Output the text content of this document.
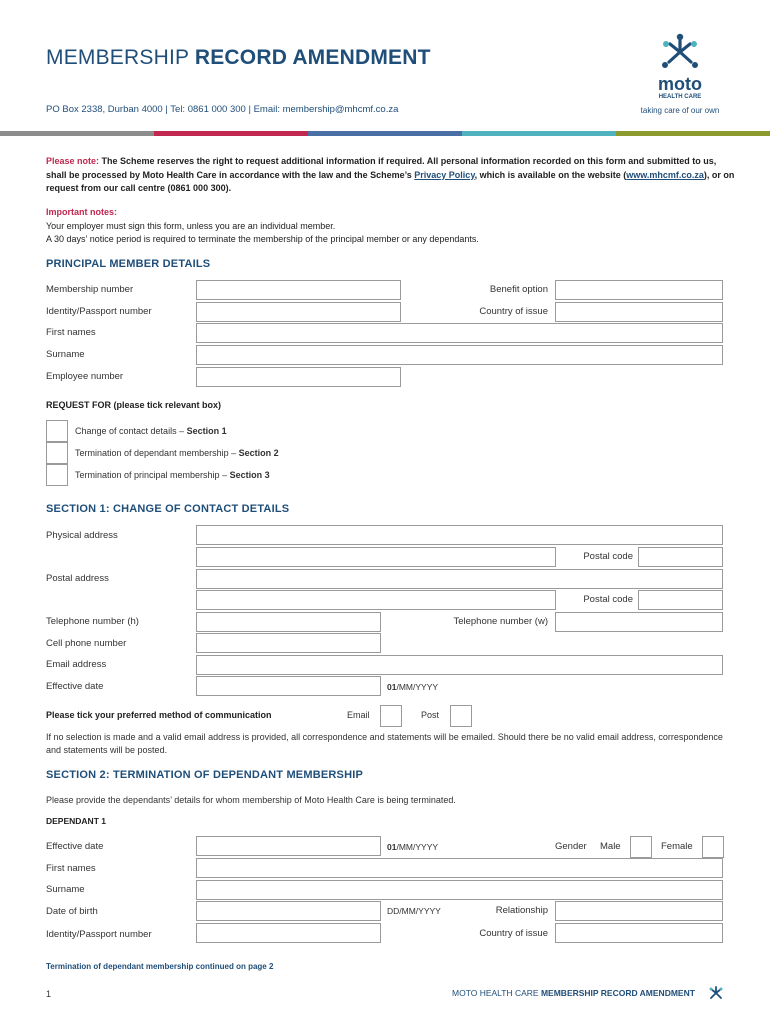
MEMBERSHIP RECORD AMENDMENT
PO Box 2338, Durban 4000 | Tel: 0861 000 300 | Email: membership@mhcmf.co.za
moto
HEALTH CARE
taking care of our own
Please note: The Scheme reserves the right to request additional information if required. All personal information recorded on this form and submitted to us, shall be processed by Moto Health Care in accordance with the law and the Scheme’s Privacy Policy, which is available on the website (www.mhcmf.co.za), or on request from our call centre (0861 000 300).
Important notes:
Your employer must sign this form, unless you are an individual member.
A 30 days’ notice period is required to terminate the membership of the principal member or any dependants.
PRINCIPAL MEMBER DETAILS
Membership number	Benefit option
Identity/Passport number	Country of issue
First names
Surname
Employee number
REQUEST FOR (please tick relevant box)
Change of contact details – Section 1
Termination of dependant membership – Section 2
Termination of principal membership – Section 3
SECTION 1: CHANGE OF CONTACT DETAILS
Physical address
Postal code
Postal address
Postal code
Telephone number (h)	Telephone number (w)
Cell phone number
Email address
Effective date	01/MM/YYYY
Please tick your preferred method of communication	Email	Post
If no selection is made and a valid email address is provided, all correspondence and statements will be emailed. Should there be no valid email address, correspondence and statements will be posted.
SECTION 2: TERMINATION OF DEPENDANT MEMBERSHIP
Please provide the dependants’ details for whom membership of Moto Health Care is being terminated.
DEPENDANT 1
Effective date	01/MM/YYYY	Gender Male	Female
First names
Surname
Date of birth	DD/MM/YYYY	Relationship
Identity/Passport number	Country of issue
Termination of dependant membership continued on page 2
1	MOTO HEALTH CARE MEMBERSHIP RECORD AMENDMENT
